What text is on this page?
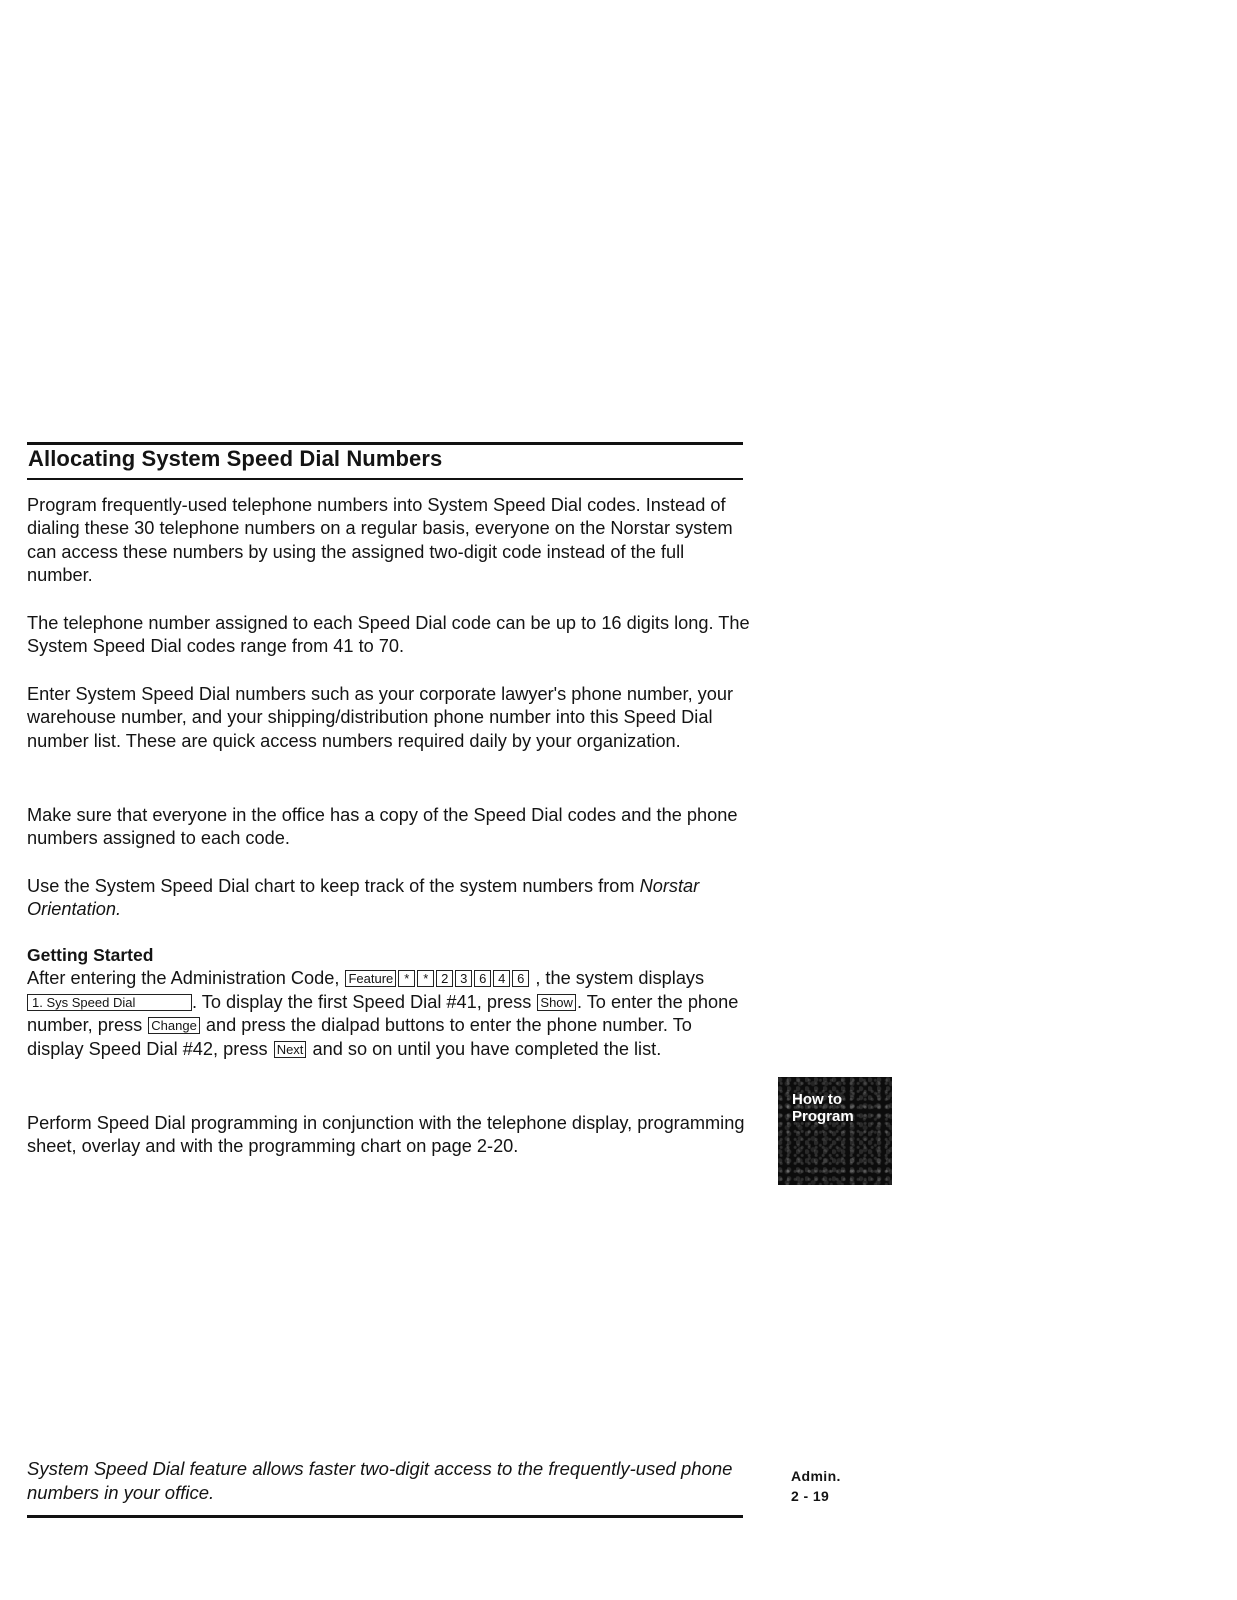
Allocating System Speed Dial Numbers

Program frequently-used telephone numbers into System Speed Dial codes. Instead of dialing these 30 telephone numbers on a regular basis, everyone on the Norstar system can access these numbers by using the assigned two-digit code instead of the full number.

The telephone number assigned to each Speed Dial code can be up to 16 digits long. The System Speed Dial codes range from 41 to 70.

Enter System Speed Dial numbers such as your corporate lawyer's phone number, your warehouse number, and your shipping/distribution phone number into this Speed Dial number list. These are quick access numbers required daily by your organization.

Make sure that everyone in the office has a copy of the Speed Dial codes and the phone numbers assigned to each code.

Use the System Speed Dial chart to keep track of the system numbers from Norstar Orientation.

Getting Started
After entering the Administration Code, Feature * * 2 3 6 4 6 , the system displays 1. Sys Speed Dial	. To display the first Speed Dial #41, press Show . To enter the phone number, press Change and press the dialpad buttons to enter the phone number. To display Speed Dial #42, press Next and so on until you have completed the list.

Perform Speed Dial programming in conjunction with the telephone display, programming sheet, overlay and with the programming chart on page 2-20.

How to
Program

System Speed Dial feature allows faster two-digit access to the frequently-used phone numbers in your office.

Admin.
2 - 19
